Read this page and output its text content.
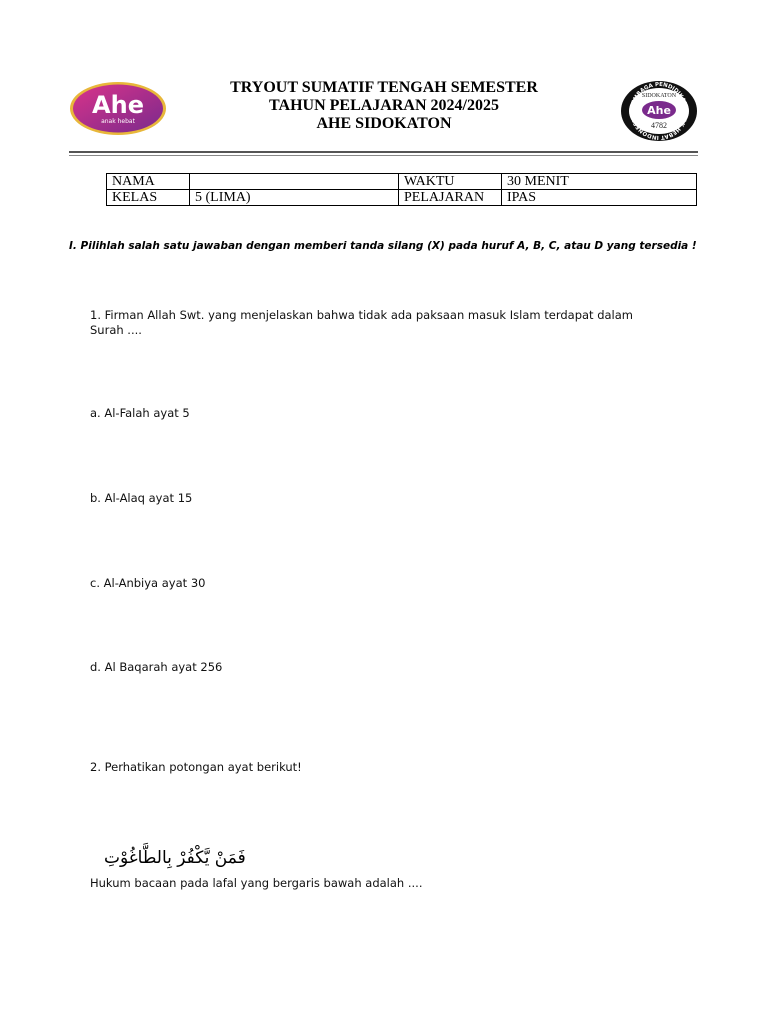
Ahe
anak hebat
TRYOUT SUMATIF TENGAH SEMESTER
TAHUN PELAJARAN 2024/2025
AHE SIDOKATON
LEMBAGA PENDIDIKAN ANAK HEBAT INDONESIA
SIDOKATON
Ahe
4782
NAMA		WAKTU	30 MENIT
KELAS	5 (LIMA)	PELAJARAN	IPAS
I. Pilihlah salah satu jawaban dengan memberi tanda silang (X) pada huruf A, B, C, atau D yang tersedia !
1. Firman Allah Swt. yang menjelaskan bahwa tidak ada paksaan masuk Islam terdapat dalam Surah ....
a. Al-Falah ayat 5
b. Al-Alaq ayat 15
c. Al-Anbiya ayat 30
d. Al Baqarah ayat 256
2. Perhatikan potongan ayat berikut!
فَمَنْ يَّكْفُرْ بِالطَّاغُوْتِ
Hukum bacaan pada lafal yang bergaris bawah adalah ....
